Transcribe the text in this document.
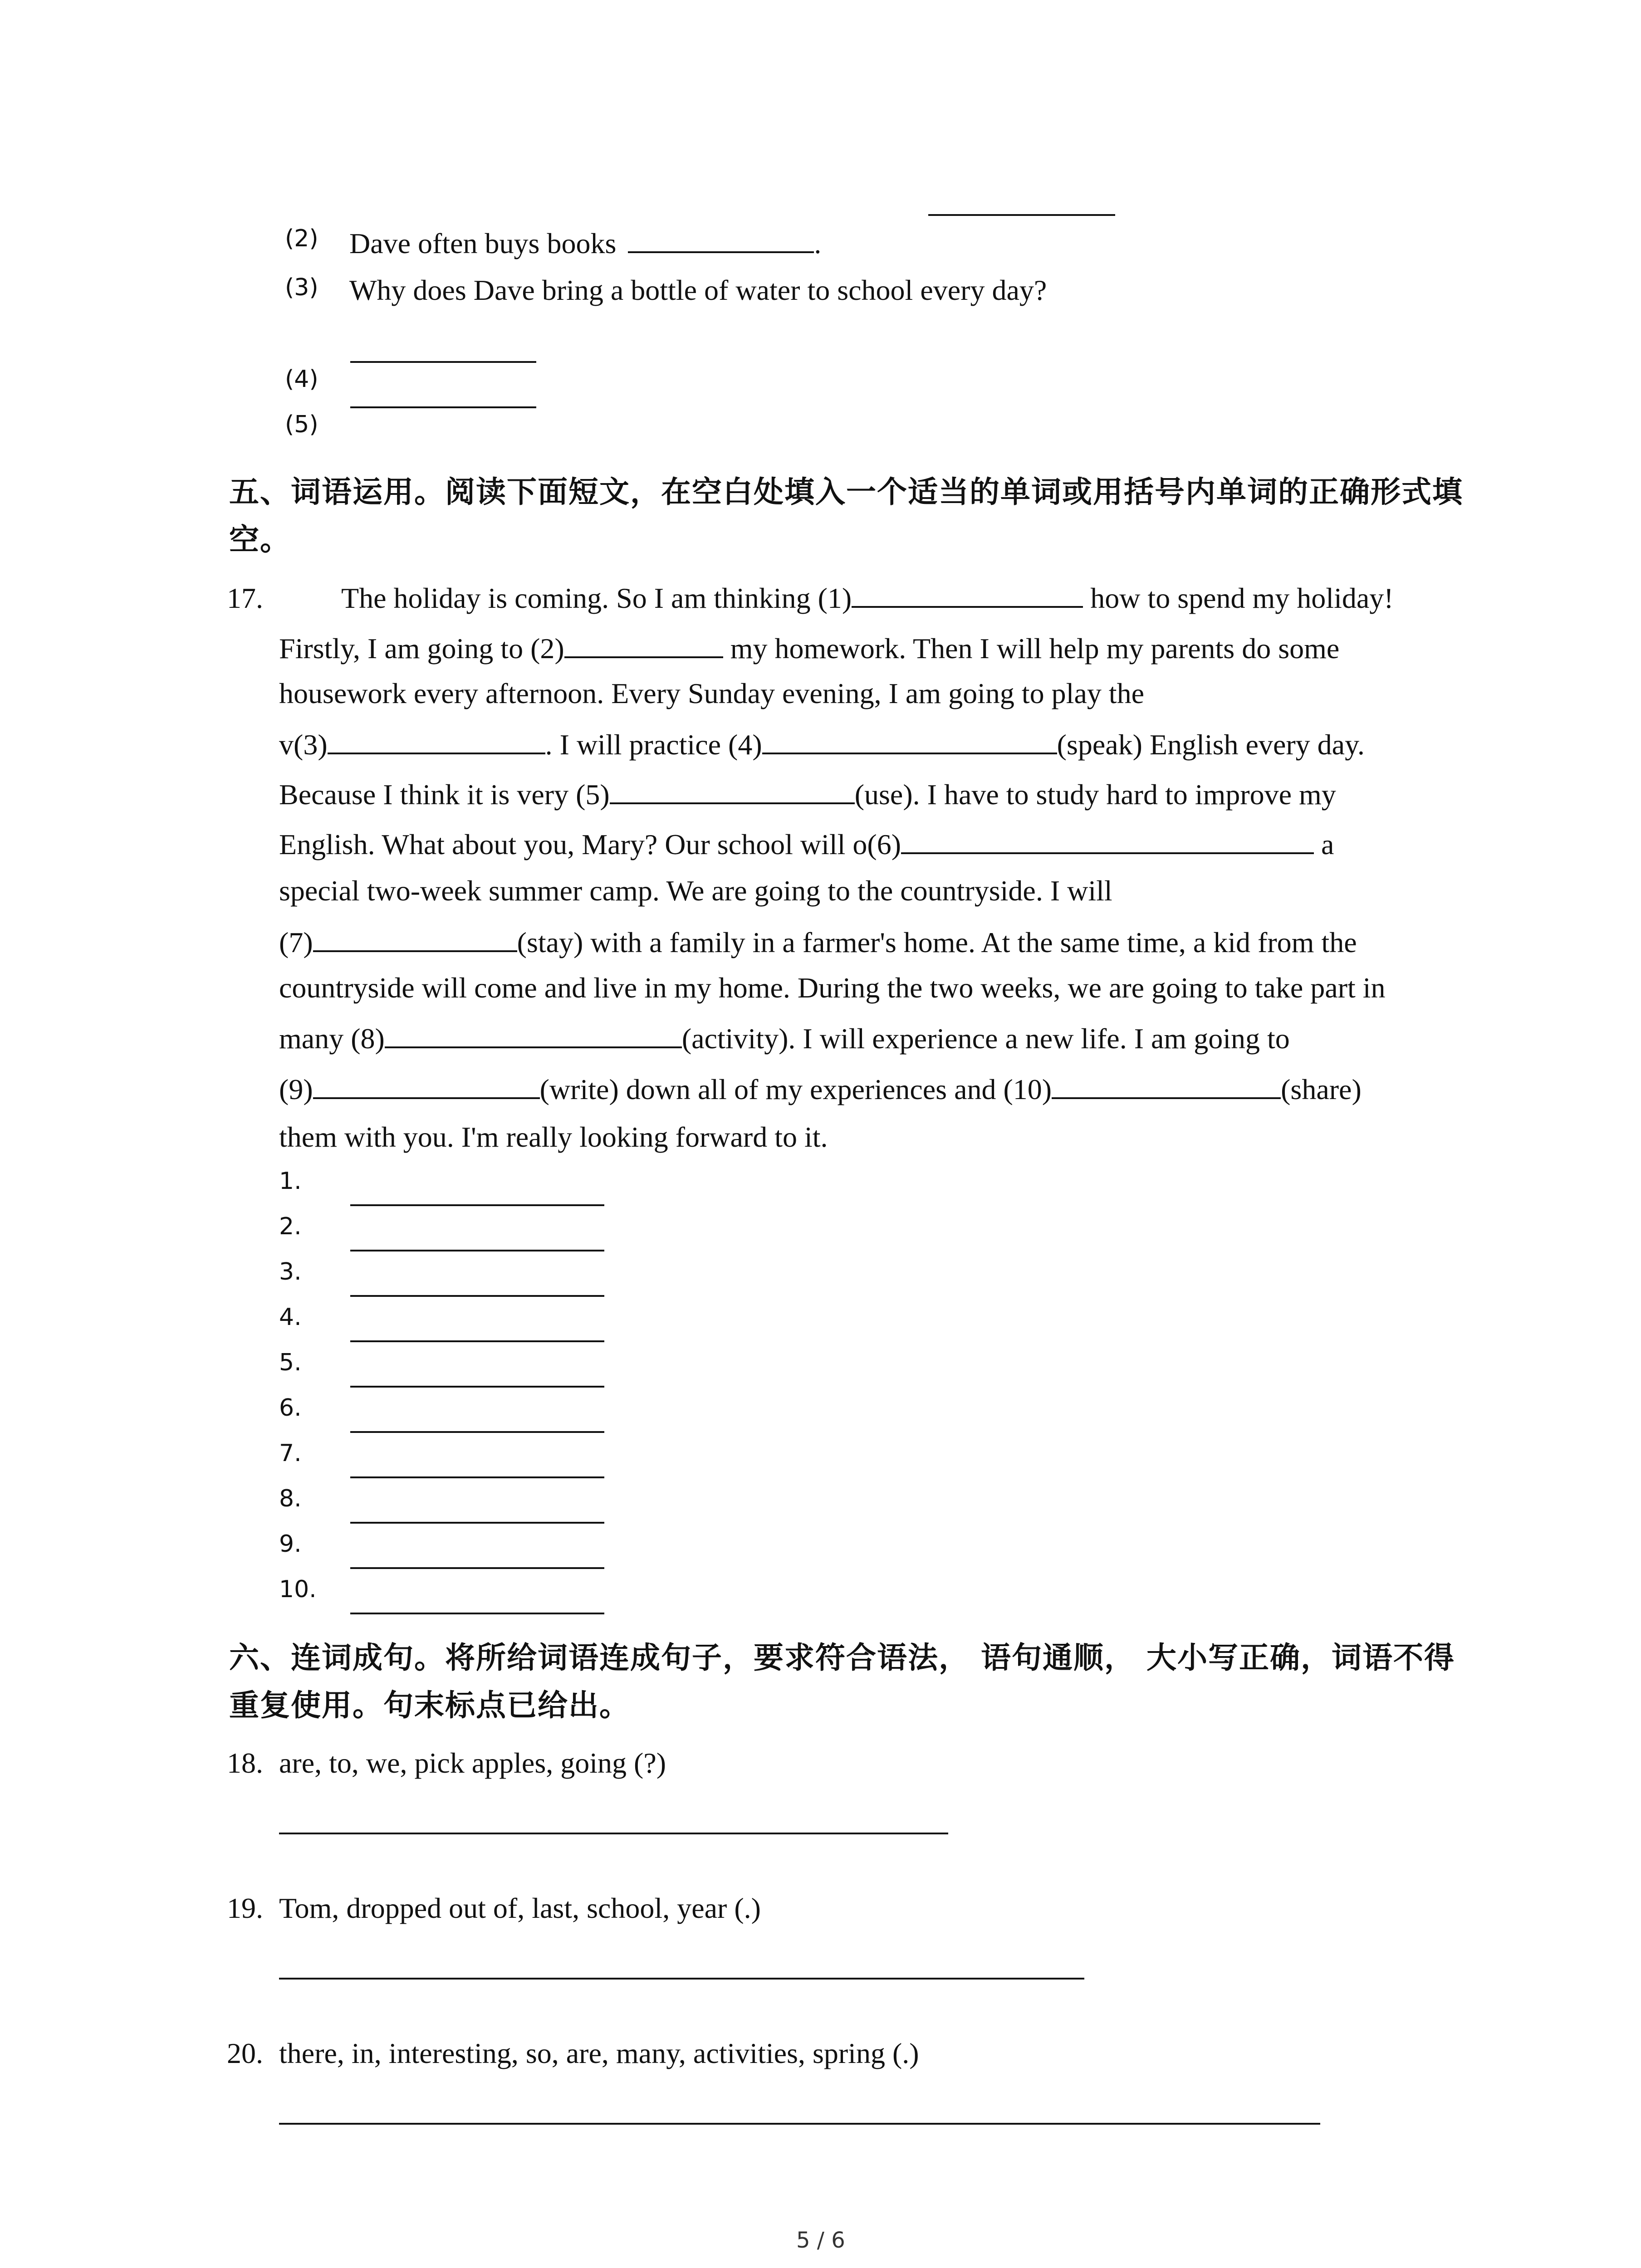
(2) Dave often buys books	.
(3) Why does Dave bring a bottle of water to school every day?
(4)
(5)
五、词语运用。阅读下面短文，在空白处填入一个适当的单词或用括号内单词的正确形式填
空。
17.	The holiday is coming. So I am thinking (1)	how to spend my holiday!
Firstly, I am going to (2)	my homework. Then I will help my parents do some
housework every afternoon. Every Sunday evening, I am going to play the
v(3)	. I will practice (4)	(speak) English every day.
Because I think it is very (5)	(use). I have to study hard to improve my
English. What about you, Mary? Our school will o(6)	a
special two-week summer camp. We are going to the countryside. I will
(7)	(stay) with a family in a farmer's home. At the same time, a kid from the
countryside will come and live in my home. During the two weeks, we are going to take part in
many (8)	(activity). I will experience a new life. I am going to
(9)	(write) down all of my experiences and (10)	(share)
them with you. I'm really looking forward to it.
1.
2.
3.
4.
5.
6.
7.
8.
9.
10.
六、连词成句。将所给词语连成句子，要求符合语法， 语句通顺， 大小写正确，词语不得
重复使用。句末标点已给出。
18. are, to, we, pick apples, going (?)
19. Tom, dropped out of, last, school, year (.)
20. there, in, interesting, so, are, many, activities, spring (.)
5 / 6
